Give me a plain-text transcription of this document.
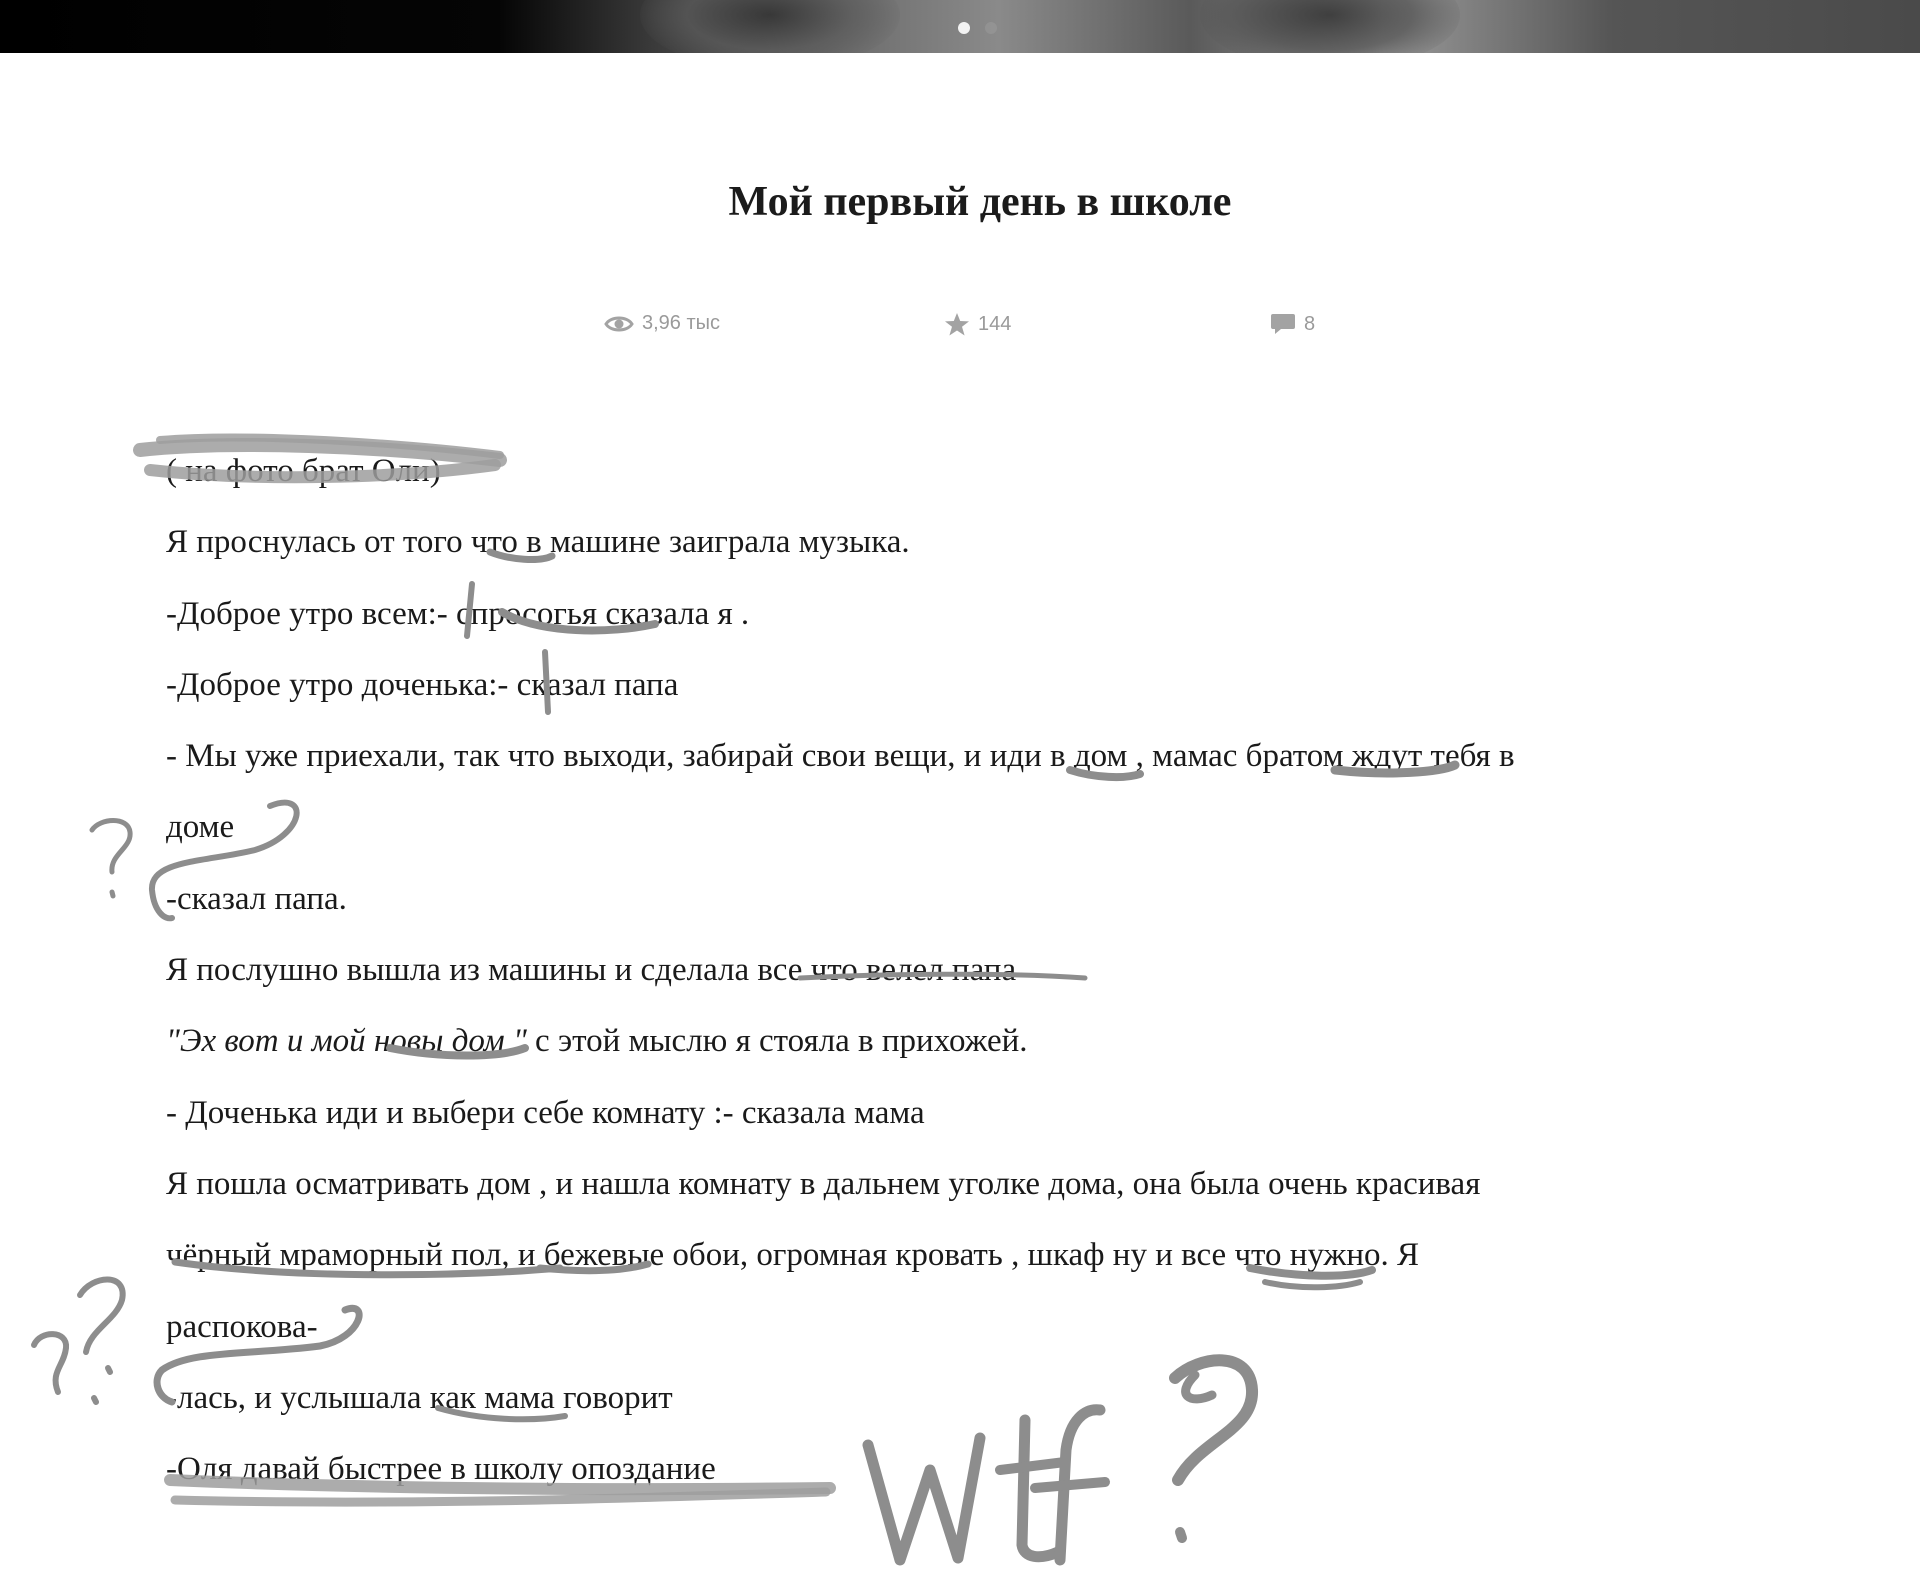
Мой первый день в школе
3,96 тыс	144	8

( на фото брат Оли)

Я проснулась от того что в машине заиграла музыка.

-Доброе утро всем:- спросогья сказала я .

-Доброе утро доченька:- сказал папа

- Мы уже приехали, так что выходи, забирай свои вещи, и иди в дом , мамас братом ждут тебя в

доме

-сказал папа.

Я послушно вышла из машины и сделала все что велел папа

"Эх вот и мой новы дом " с этой мыслю я стояла в прихожей.

- Доченька иди и выбери себе комнату :- сказала мама

Я пошла осматривать дом , и нашла комнату в дальнем уголке дома, она была очень красивая

чёрный мраморный пол, и бежевые обои, огромная кровать , шкаф ну и все что нужно. Я

распокова-

-лась, и услышала как мама говорит

-Оля давай быстрее в школу опоздание
